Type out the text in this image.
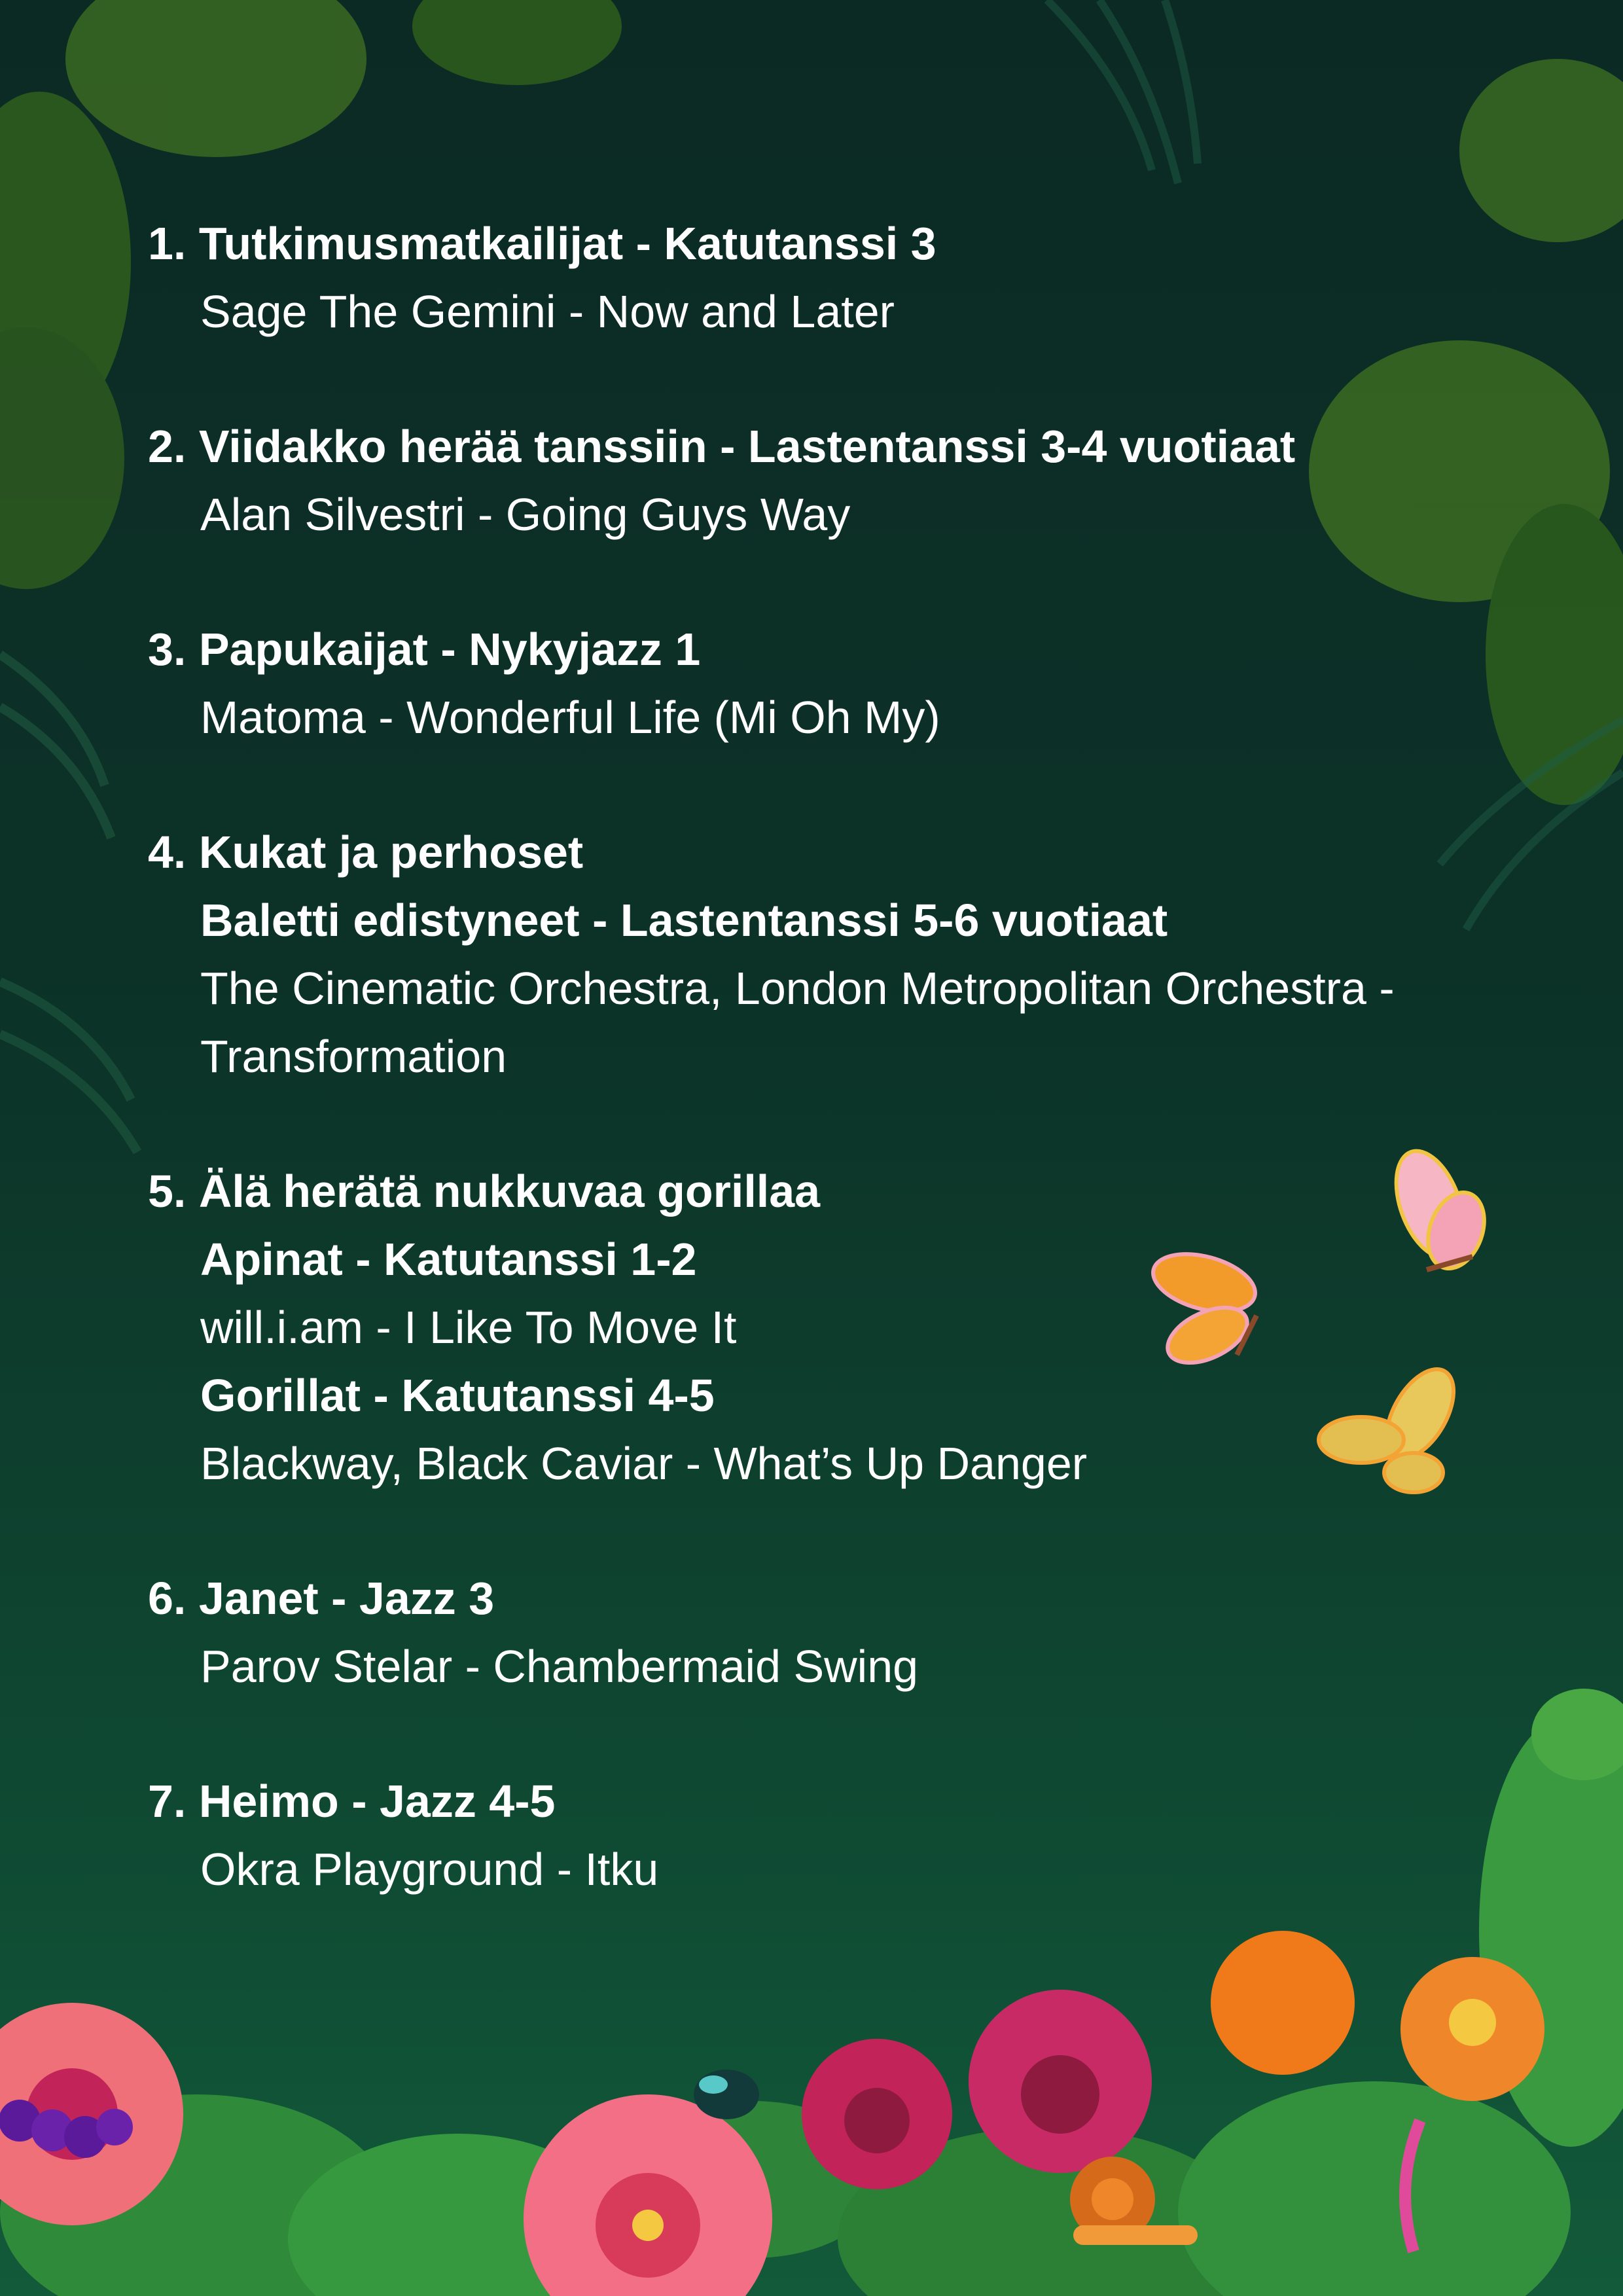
1. Tutkimusmatkailijat - Katutanssi 3
Sage The Gemini - Now and Later
2. Viidakko herää tanssiin - Lastentanssi 3-4 vuotiaat
Alan Silvestri - Going Guys Way
3. Papukaijat - Nykyjazz 1
Matoma - Wonderful Life (Mi Oh My)
4. Kukat ja perhoset
Baletti edistyneet - Lastentanssi 5-6 vuotiaat
The Cinematic Orchestra, London Metropolitan Orchestra -
Transformation
5. Älä herätä nukkuvaa gorillaa
Apinat - Katutanssi 1-2
will.i.am - I Like To Move It
Gorillat - Katutanssi 4-5
Blackway, Black Caviar - What’s Up Danger
6. Janet - Jazz 3
Parov Stelar - Chambermaid Swing
7. Heimo - Jazz 4-5
Okra Playground - Itku
